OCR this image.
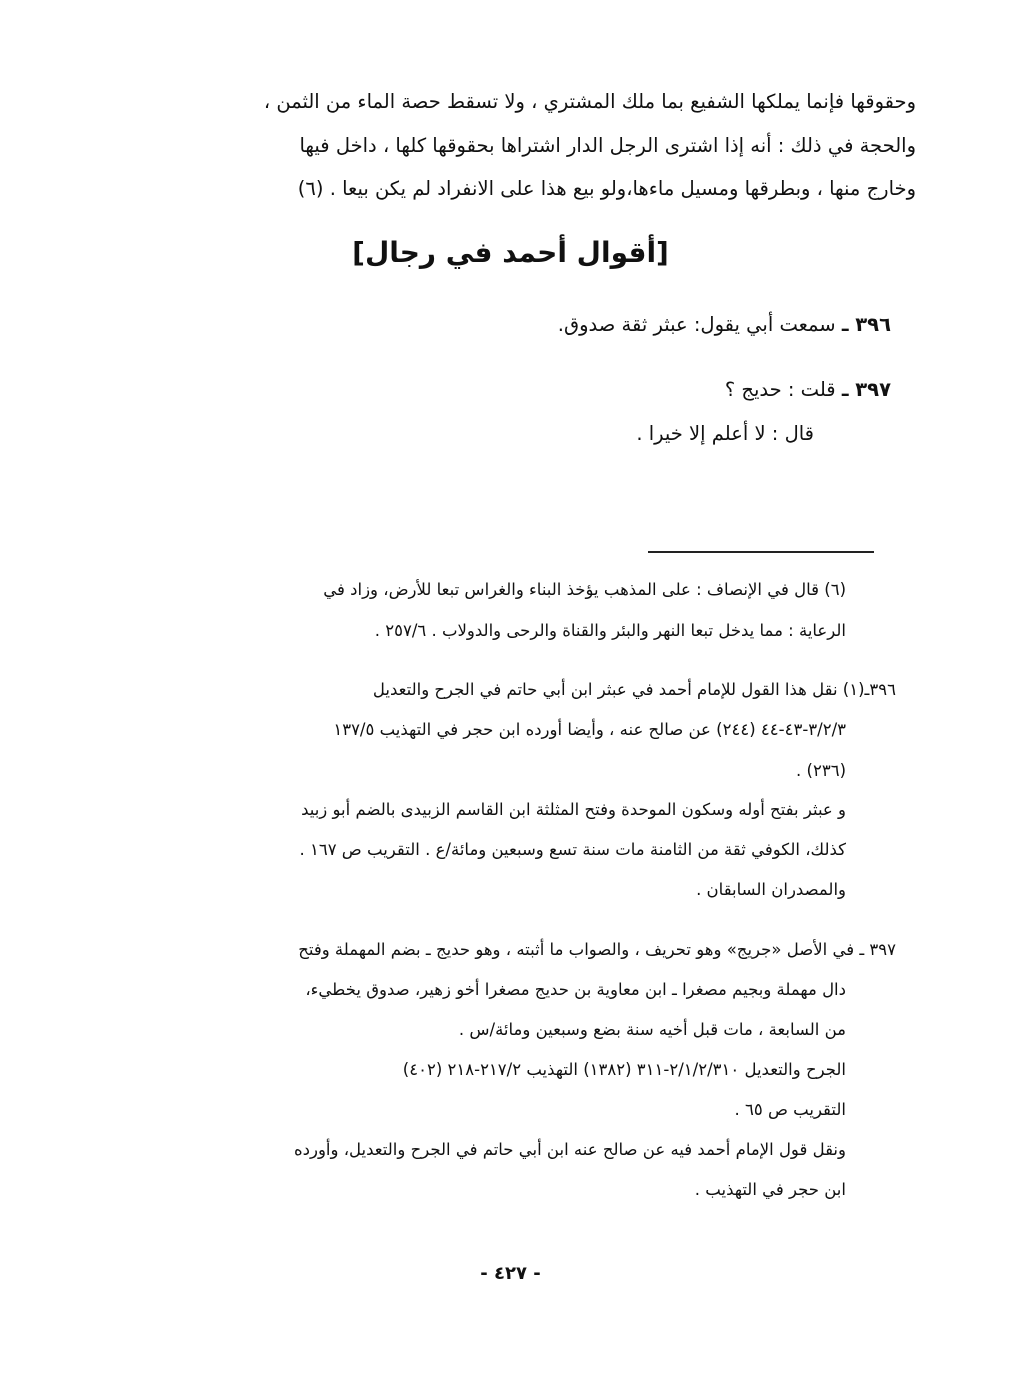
وحقوقها فإنما يملكها الشفيع بما ملك المشتري ، ولا تسقط حصة الماء من الثمن ،
والحجة في ذلك : أنه إذا اشترى الرجل الدار اشتراها بحقوقها كلها ، داخل فيها
وخارج منها ، وبطرقها ومسيل ماءها،ولو بيع هذا على الانفراد لم يكن بيعا . (٦)
[أقوال أحمد في رجال]
٣٩٦ ـ سمعت أبي يقول: عبثر ثقة صدوق.
٣٩٧ ـ قلت : حديج ؟
قال : لا أعلم إلا خيرا .
(٦) قال في الإنصاف : على المذهب يؤخذ البناء والغراس تبعا للأرض، وزاد في
الرعاية : مما يدخل تبعا النهر والبئر والقناة والرحى والدولاب . ٢٥٧/٦ .
٣٩٦ـ(١) نقل هذا القول للإمام أحمد في عبثر ابن أبي حاتم في الجرح والتعديل
٣/٢/٣-٤٣-٤٤ (٢٤٤) عن صالح عنه ، وأيضا أورده ابن حجر في التهذيب ١٣٧/٥
. (٢٣٦)
و عبثر بفتح أوله وسكون الموحدة وفتح المثلثة ابن القاسم الزبيدى بالضم أبو زبيد
كذلك، الكوفي ثقة من الثامنة مات سنة تسع وسبعين ومائة/ع . التقريب ص ١٦٧ .
والمصدران السابقان .
٣٩٧ ـ في الأصل «جريج» وهو تحريف ، والصواب ما أثبته ، وهو حديج ـ بضم المهملة وفتح
دال مهملة وبجيم مصغرا ـ ابن معاوية بن حديج مصغرا أخو زهير، صدوق يخطيء،
من السابعة ، مات قبل أخيه سنة بضع وسبعين ومائة/س .
الجرح والتعديل ٢/١/٢/٣١٠-٣١١ (١٣٨٢) التهذيب ٢١٧/٢-٢١٨ (٤٠٢)
التقريب ص ٦٥ .
ونقل قول الإمام أحمد فيه عن صالح عنه ابن أبي حاتم في الجرح والتعديل، وأورده
ابن حجر في التهذيب .
- ٤٢٧ -
